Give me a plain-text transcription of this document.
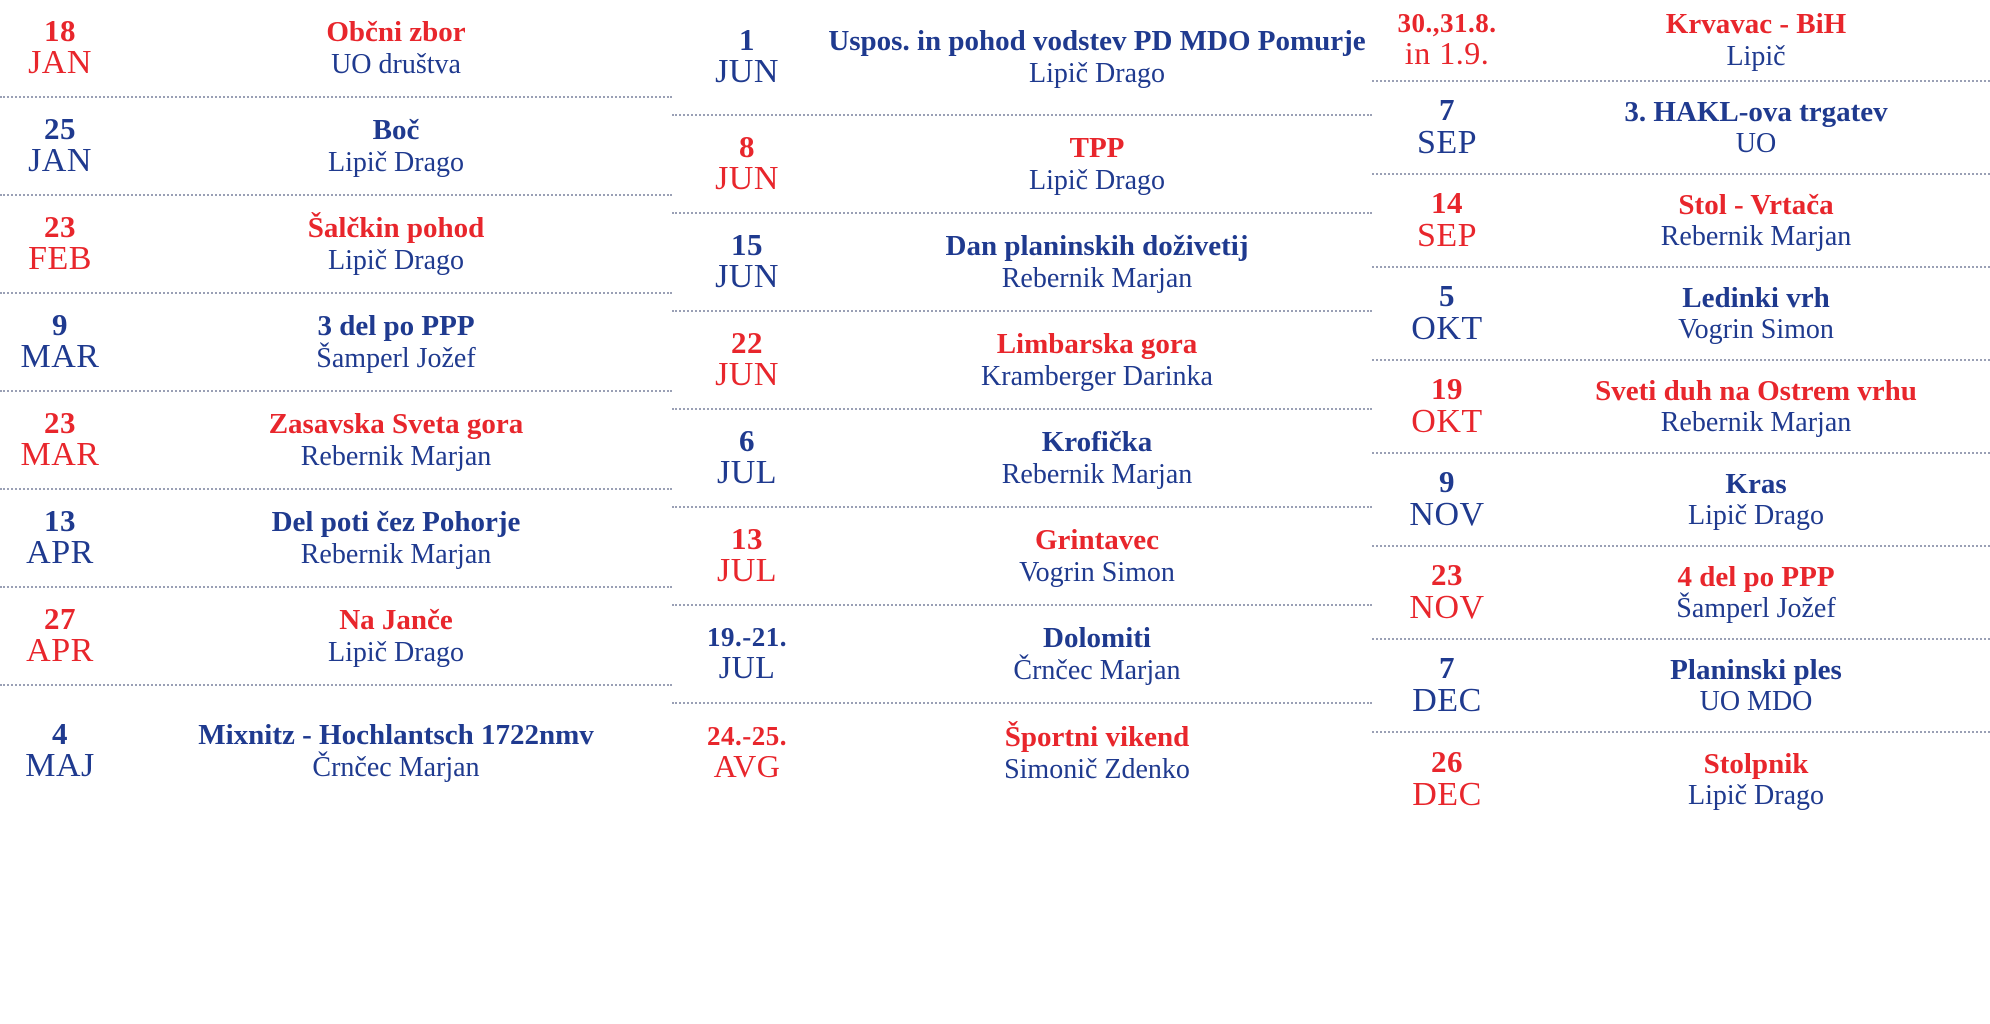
18
JAN
Občni zbor
UO društva
25
JAN
Boč
Lipič Drago
23
FEB
Šalčkin pohod
Lipič Drago
9
MAR
3 del po PPP
Šamperl Jožef
23
MAR
Zasavska Sveta gora
Rebernik Marjan
13
APR
Del poti čez Pohorje
Rebernik Marjan
27
APR
Na Janče
Lipič Drago
4
MAJ
Mixnitz - Hochlantsch 1722nmv
Črnčec Marjan
1
JUN
Uspos. in pohod vodstev PD MDO Pomurje
Lipič Drago
8
JUN
TPP
Lipič Drago
15
JUN
Dan planinskih doživetij
Rebernik Marjan
22
JUN
Limbarska gora
Kramberger Darinka
6
JUL
Krofička
Rebernik Marjan
13
JUL
Grintavec
Vogrin Simon
19.-21.
JUL
Dolomiti
Črnčec Marjan
24.-25.
AVG
Športni vikend
Simonič Zdenko
30.,31.8.
in 1.9.
Krvavac - BiH
Lipič
7
SEP
3. HAKL-ova trgatev
UO
14
SEP
Stol - Vrtača
Rebernik Marjan
5
OKT
Ledinki vrh
Vogrin Simon
19
OKT
Sveti duh na Ostrem vrhu
Rebernik Marjan
9
NOV
Kras
Lipič Drago
23
NOV
4 del po PPP
Šamperl Jožef
7
DEC
Planinski ples
UO MDO
26
DEC
Stolpnik
Lipič Drago
